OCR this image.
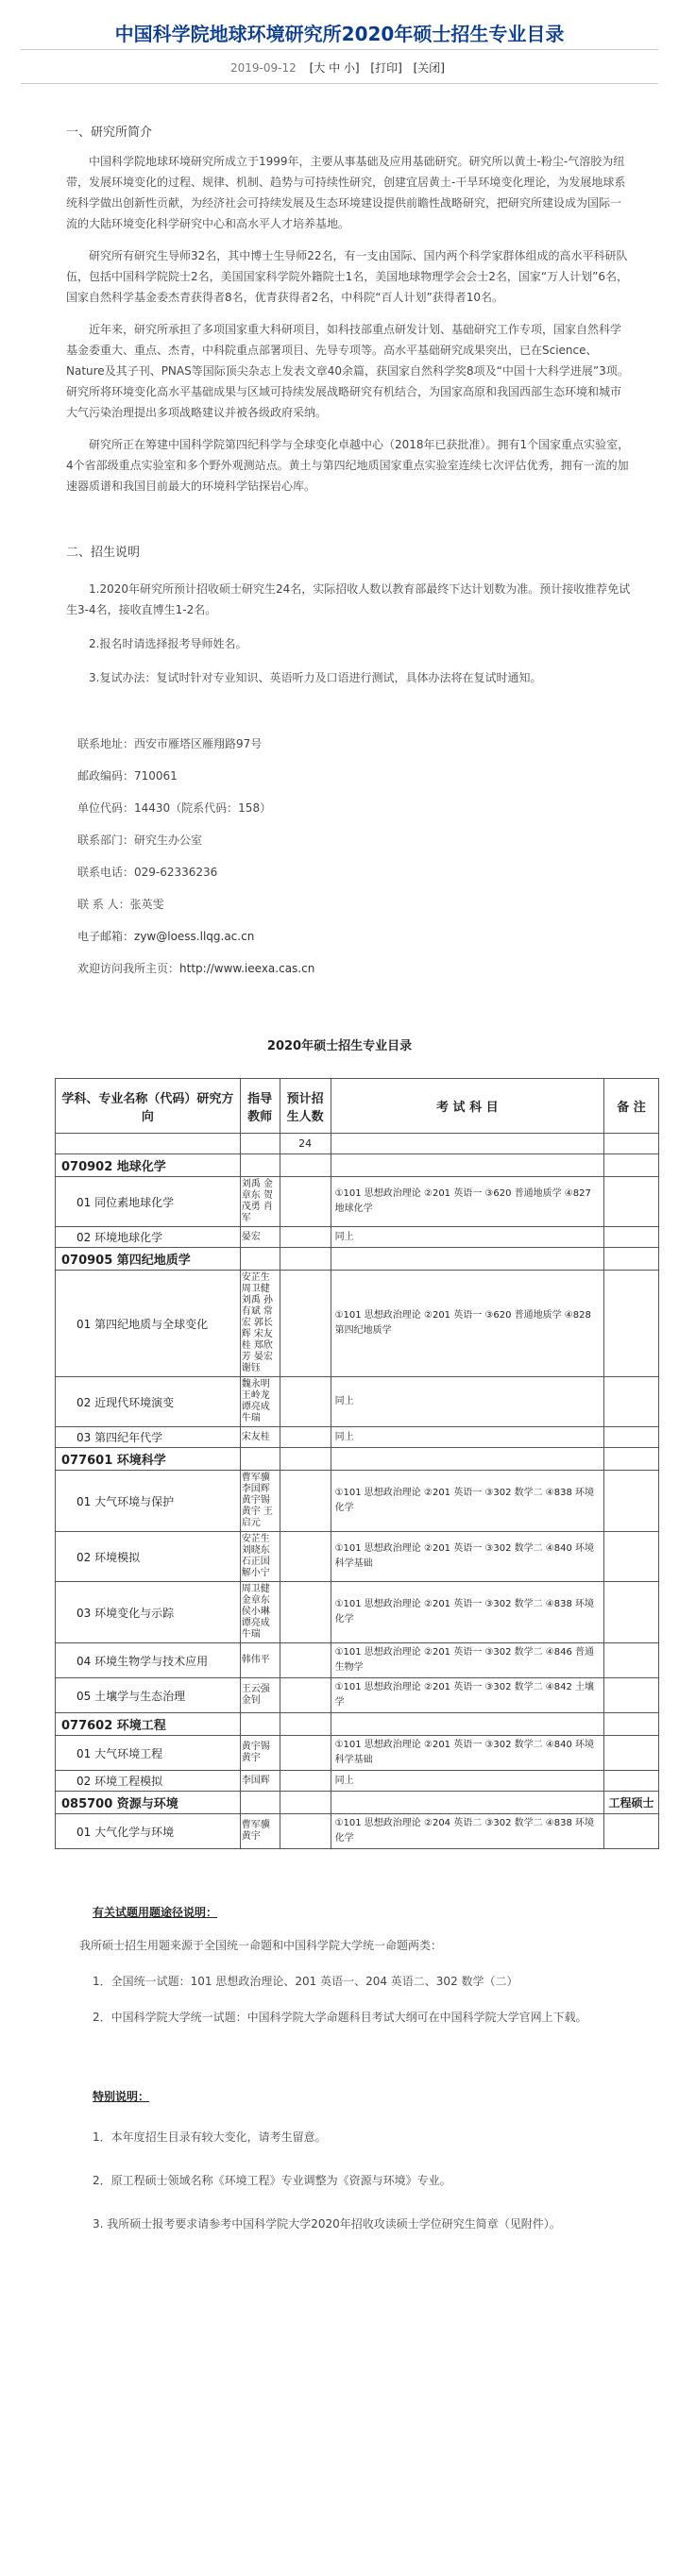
中国科学院地球环境研究所2020年硕士招生专业目录
2019-09-12 [大 中 小] [打印] [关闭]
一、研究所简介
中国科学院地球环境研究所成立于1999年，主要从事基础及应用基础研究。研究所以黄土-粉尘-气溶胶为纽带，发展环境变化的过程、规律、机制、趋势与可持续性研究，创建宜居黄土-干旱环境变化理论，为发展地球系统科学做出创新性贡献，为经济社会可持续发展及生态环境建设提供前瞻性战略研究，把研究所建设成为国际一流的大陆环境变化科学研究中心和高水平人才培养基地。
研究所有研究生导师32名，其中博士生导师22名，有一支由国际、国内两个科学家群体组成的高水平科研队伍，包括中国科学院院士2名，美国国家科学院外籍院士1名，美国地球物理学会会士2名，国家“万人计划”6名，国家自然科学基金委杰青获得者8名，优青获得者2名，中科院“百人计划”获得者10名。
近年来，研究所承担了多项国家重大科研项目，如科技部重点研发计划、基础研究工作专项，国家自然科学基金委重大、重点、杰青，中科院重点部署项目、先导专项等。高水平基础研究成果突出，已在Science、Nature及其子刊、PNAS等国际顶尖杂志上发表文章40余篇，获国家自然科学奖8项及“中国十大科学进展”3项。研究所将环境变化高水平基础成果与区域可持续发展战略研究有机结合，为国家高原和我国西部生态环境和城市大气污染治理提出多项战略建议并被各级政府采纳。
研究所正在筹建中国科学院第四纪科学与全球变化卓越中心（2018年已获批准）。拥有1个国家重点实验室，4个省部级重点实验室和多个野外观测站点。黄土与第四纪地质国家重点实验室连续七次评估优秀，拥有一流的加速器质谱和我国目前最大的环境科学钻探岩心库。
二、招生说明
1.2020年研究所预计招收硕士研究生24名，实际招收人数以教育部最终下达计划数为准。预计接收推荐免试生3-4名，接收直博生1-2名。
2.报名时请选择报考导师姓名。
3.复试办法：复试时针对专业知识、英语听力及口语进行测试，具体办法将在复试时通知。
联系地址：西安市雁塔区雁翔路97号
邮政编码：710061
单位代码：14430（院系代码：158）
联系部门：研究生办公室
联系电话：029-62336236
联 系 人：张英雯
电子邮箱：zyw@loess.llqg.ac.cn
欢迎访问我所主页：http://www.ieexa.cas.cn
2020年硕士招生专业目录
学科、专业名称（代码）研究方向	指导教师	预计招生人数	考 试 科 目	备 注
		24		
070902 地球化学				
01 同位素地球化学	刘禹 金章东 贺茂勇 肖军		①101 思想政治理论 ②201 英语一 ③620 普通地质学 ④827 地球化学	
02 环境地球化学	晏宏		同上	
070905 第四纪地质学				
01 第四纪地质与全球变化	安芷生 周卫健 刘禹 孙有斌 常宏 郭长辉 宋友桂 郑欣芳 晏宏 谢钰		①101 思想政治理论 ②201 英语一 ③620 普通地质学 ④828 第四纪地质学	
02 近现代环境演变	魏永明 王岭龙 谭亮成 牛瑞		同上	
03 第四纪年代学	宋友桂		同上	
077601 环境科学				
01 大气环境与保护	曹军骥 李国辉 黄宇锡 黄宇 王启元		①101 思想政治理论 ②201 英语一 ③302 数学二 ④838 环境化学	
02 环境模拟	安芷生 刘晓东 石正国 解小宁		①101 思想政治理论 ②201 英语一 ③302 数学二 ④840 环境科学基础	
03 环境变化与示踪	周卫健 金章东 侯小琳 谭亮成 牛瑞		①101 思想政治理论 ②201 英语一 ③302 数学二 ④838 环境化学	
04 环境生物学与技术应用	韩伟平		①101 思想政治理论 ②201 英语一 ③302 数学二 ④846 普通生物学	
05 土壤学与生态治理	王云强 金钊		①101 思想政治理论 ②201 英语一 ③302 数学二 ④842 土壤学	
077602 环境工程				
01 大气环境工程	黄宇锡 黄宇		①101 思想政治理论 ②201 英语一 ③302 数学二 ④840 环境科学基础	
02 环境工程模拟	李国辉		同上	
085700 资源与环境				工程硕士
01 大气化学与环境	曹军骥 黄宇		①101 思想政治理论 ②204 英语二 ③302 数学二 ④838 环境化学	
有关试题用题途径说明：
我所硕士招生用题来源于全国统一命题和中国科学院大学统一命题两类：
1．全国统一试题：101 思想政治理论、201 英语一、204 英语二、302 数学（二）
2．中国科学院大学统一试题：中国科学院大学命题科目考试大纲可在中国科学院大学官网上下载。
特别说明：
1．本年度招生目录有较大变化，请考生留意。
2．原工程硕士领域名称《环境工程》专业调整为《资源与环境》专业。
3. 我所硕士报考要求请参考中国科学院大学2020年招收攻读硕士学位研究生简章（见附件）。
